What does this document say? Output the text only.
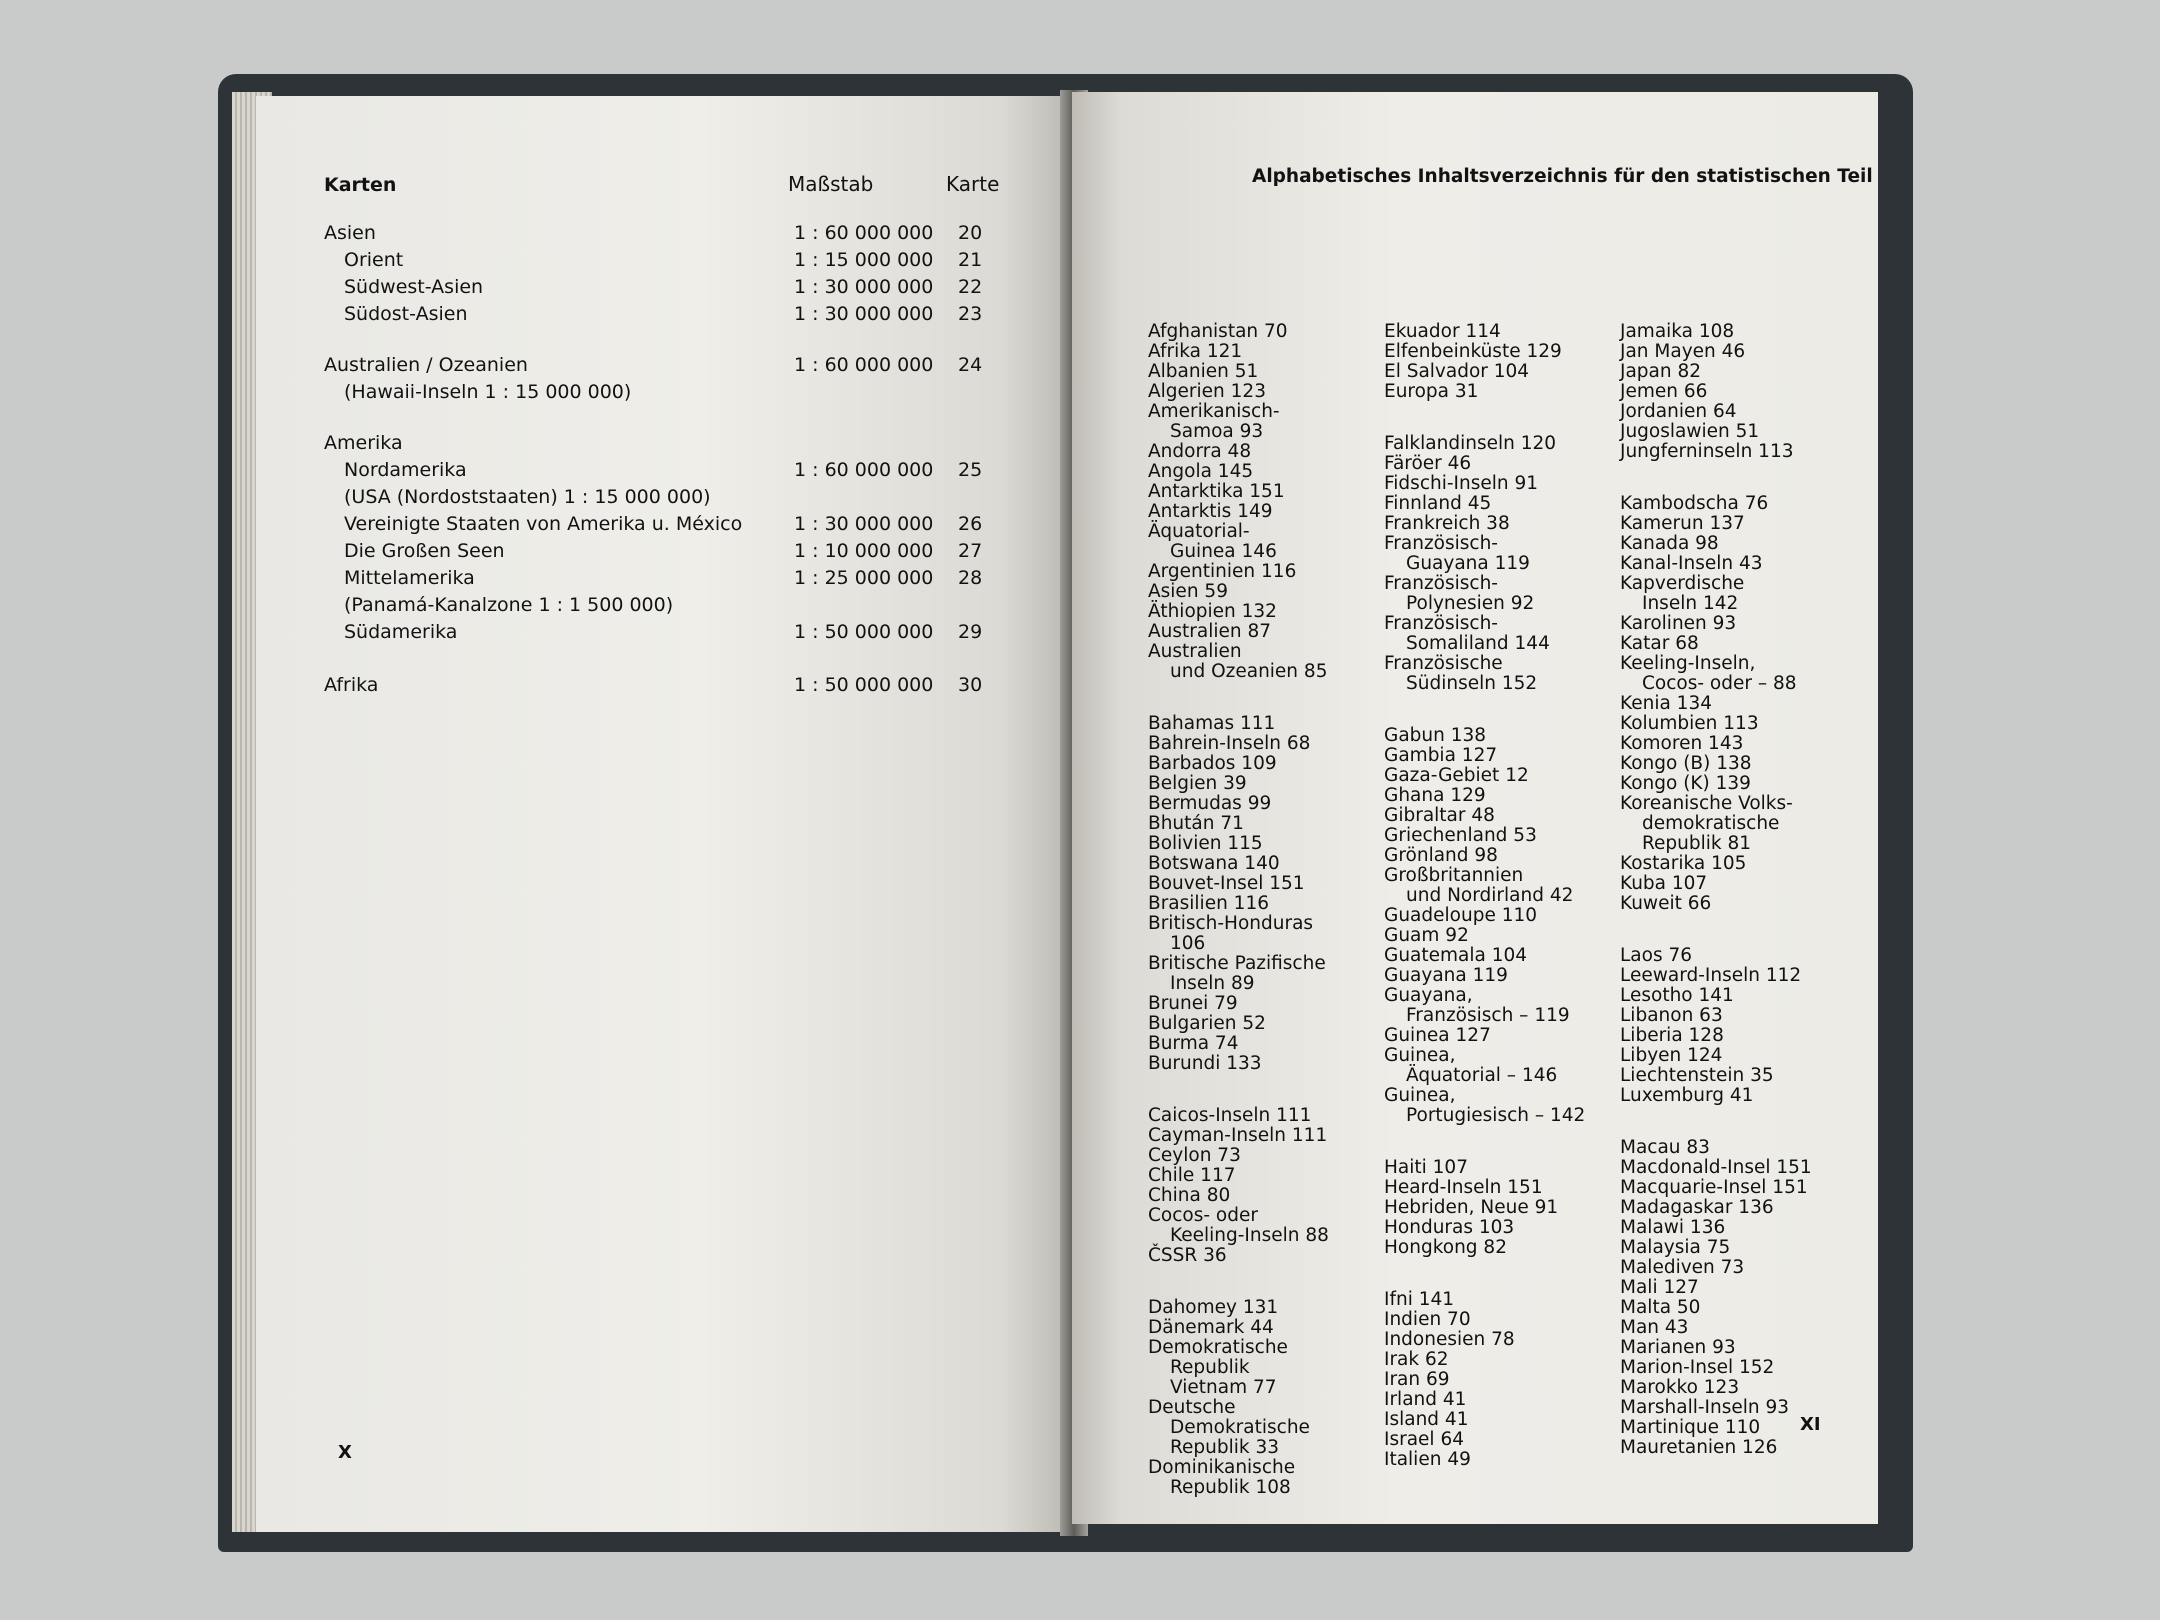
Karten	Maßstab	Karte
Asien	1 : 60 000 000 20
Orient	1 : 15 000 000 21
Südwest-Asien	1 : 30 000 000 22
Südost-Asien	1 : 30 000 000 23
Australien / Ozeanien	1 : 60 000 000 24
(Hawaii-Inseln 1 : 15 000 000)
Amerika
Nordamerika	1 : 60 000 000 25
(USA (Nordoststaaten) 1 : 15 000 000)
Vereinigte Staaten von Amerika u. México	1 : 30 000 000 26
Die Großen Seen	1 : 10 000 000 27
Mittelamerika	1 : 25 000 000 28
(Panamá-Kanalzone 1 : 1 500 000)
Südamerika	1 : 50 000 000 29
Afrika	1 : 50 000 000 30
X
Alphabetisches Inhaltsverzeichnis für den statistischen Teil
Afghanistan 70
Afrika 121
Albanien 51
Algerien 123
Amerikanisch-
Samoa 93
Andorra 48
Angola 145
Antarktika 151
Antarktis 149
Äquatorial-
Guinea 146
Argentinien 116
Asien 59
Äthiopien 132
Australien 87
Australien
und Ozeanien 85
Bahamas 111
Bahrein-Inseln 68
Barbados 109
Belgien 39
Bermudas 99
Bhután 71
Bolivien 115
Botswana 140
Bouvet-Insel 151
Brasilien 116
Britisch-Honduras
106
Britische Pazifische
Inseln 89
Brunei 79
Bulgarien 52
Burma 74
Burundi 133
Caicos-Inseln 111
Cayman-Inseln 111
Ceylon 73
Chile 117
China 80
Cocos- oder
Keeling-Inseln 88
ČSSR 36
Dahomey 131
Dänemark 44
Demokratische
Republik
Vietnam 77
Deutsche
Demokratische
Republik 33
Dominikanische
Republik 108
Ekuador 114
Elfenbeinküste 129
El Salvador 104
Europa 31
Falklandinseln 120
Färöer 46
Fidschi-Inseln 91
Finnland 45
Frankreich 38
Französisch-
Guayana 119
Französisch-
Polynesien 92
Französisch-
Somaliland 144
Französische
Südinseln 152
Gabun 138
Gambia 127
Gaza-Gebiet 12
Ghana 129
Gibraltar 48
Griechenland 53
Grönland 98
Großbritannien
und Nordirland 42
Guadeloupe 110
Guam 92
Guatemala 104
Guayana 119
Guayana,
Französisch – 119
Guinea 127
Guinea,
Äquatorial – 146
Guinea,
Portugiesisch – 142
Haiti 107
Heard-Inseln 151
Hebriden, Neue 91
Honduras 103
Hongkong 82
Ifni 141
Indien 70
Indonesien 78
Irak 62
Iran 69
Irland 41
Island 41
Israel 64
Italien 49
Jamaika 108
Jan Mayen 46
Japan 82
Jemen 66
Jordanien 64
Jugoslawien 51
Jungferninseln 113
Kambodscha 76
Kamerun 137
Kanada 98
Kanal-Inseln 43
Kapverdische
Inseln 142
Karolinen 93
Katar 68
Keeling-Inseln,
Cocos- oder – 88
Kenia 134
Kolumbien 113
Komoren 143
Kongo (B) 138
Kongo (K) 139
Koreanische Volks-
demokratische
Republik 81
Kostarika 105
Kuba 107
Kuweit 66
Laos 76
Leeward-Inseln 112
Lesotho 141
Libanon 63
Liberia 128
Libyen 124
Liechtenstein 35
Luxemburg 41
Macau 83
Macdonald-Insel 151
Macquarie-Insel 151
Madagaskar 136
Malawi 136
Malaysia 75
Malediven 73
Mali 127
Malta 50
Man 43
Marianen 93
Marion-Insel 152
Marokko 123
Marshall-Inseln 93
Martinique 110
Mauretanien 126
XI
